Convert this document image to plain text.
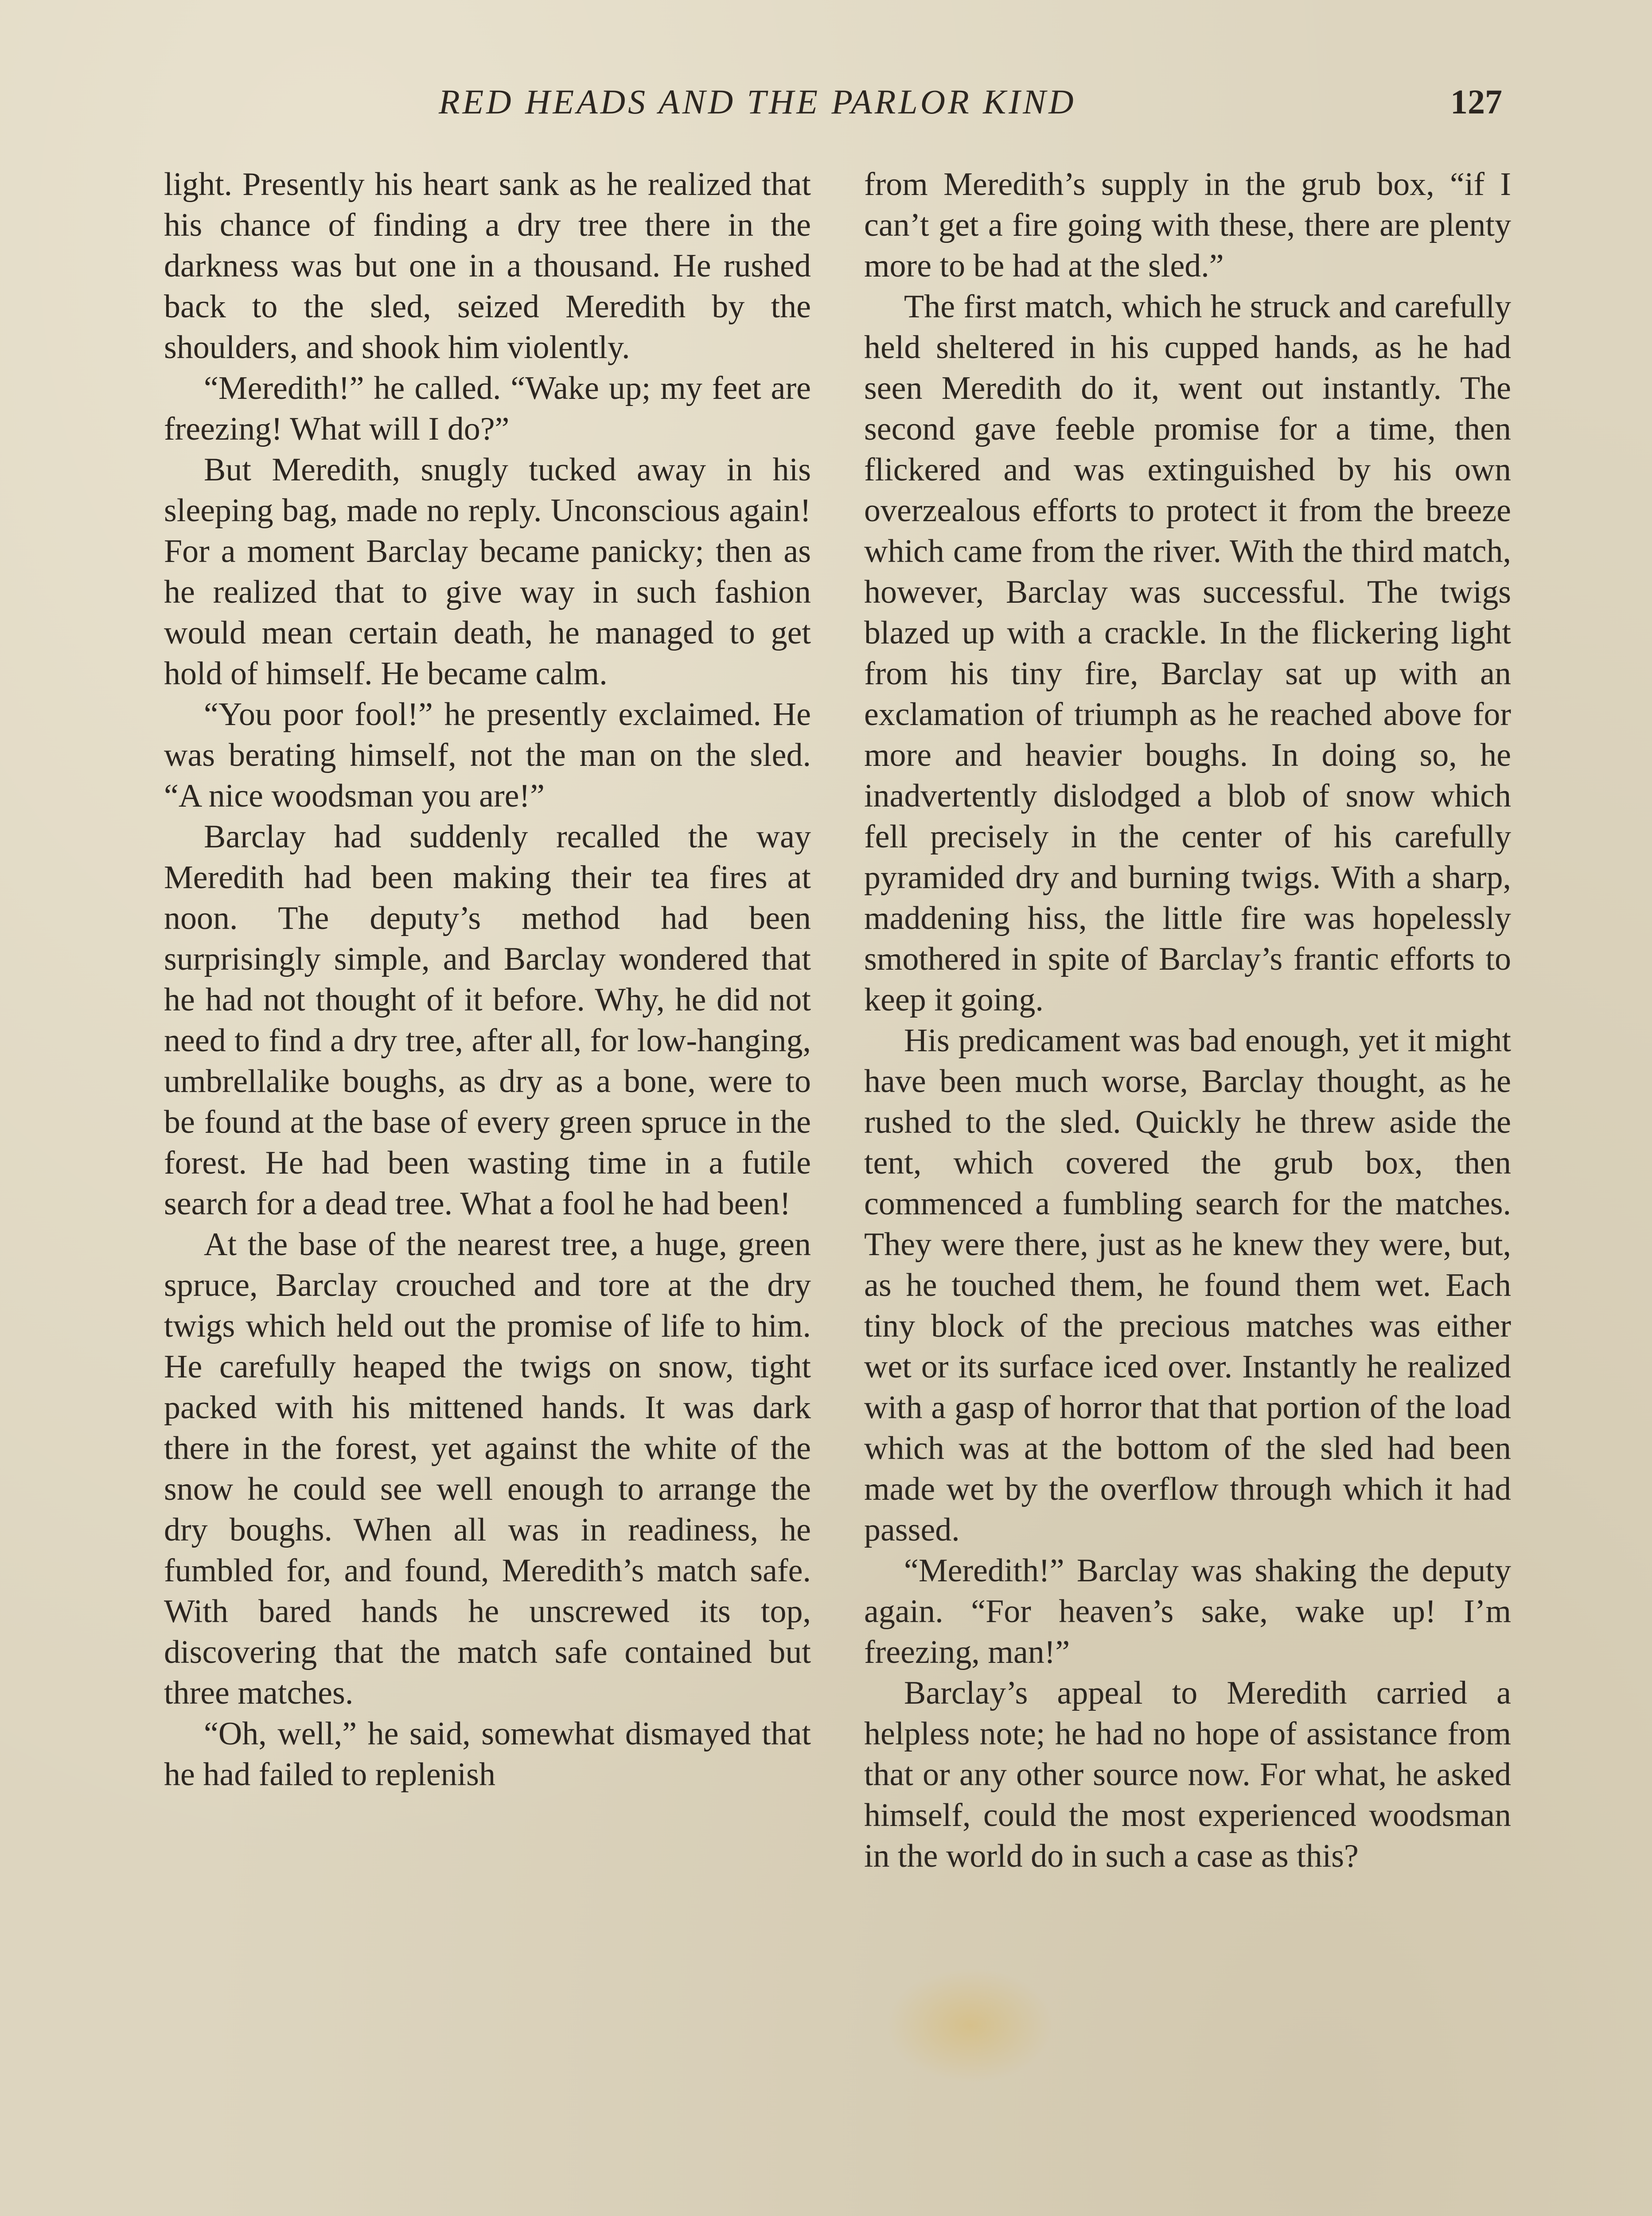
RED HEADS AND THE PARLOR KIND	127

light. Presently his heart sank as he realized that his chance of finding a dry tree there in the darkness was but one in a thousand. He rushed back to the sled, seized Meredith by the shoulders, and shook him violently.

“Meredith!” he called. “Wake up; my feet are freezing! What will I do?”

But Meredith, snugly tucked away in his sleeping bag, made no reply. Unconscious again! For a moment Barclay became panicky; then as he realized that to give way in such fashion would mean certain death, he managed to get hold of himself. He became calm.

“You poor fool!” he presently exclaimed. He was berating himself, not the man on the sled. “A nice woodsman you are!”

Barclay had suddenly recalled the way Meredith had been making their tea fires at noon. The deputy’s method had been surprisingly simple, and Barclay wondered that he had not thought of it before. Why, he did not need to find a dry tree, after all, for low-hanging, umbrellalike boughs, as dry as a bone, were to be found at the base of every green spruce in the forest. He had been wasting time in a futile search for a dead tree. What a fool he had been!

At the base of the nearest tree, a huge, green spruce, Barclay crouched and tore at the dry twigs which held out the promise of life to him. He carefully heaped the twigs on snow, tight packed with his mittened hands. It was dark there in the forest, yet against the white of the snow he could see well enough to arrange the dry boughs. When all was in readiness, he fumbled for, and found, Meredith’s match safe. With bared hands he unscrewed its top, discovering that the match safe contained but three matches.

“Oh, well,” he said, somewhat dismayed that he had failed to replenish

from Meredith’s supply in the grub box, “if I can’t get a fire going with these, there are plenty more to be had at the sled.”

The first match, which he struck and carefully held sheltered in his cupped hands, as he had seen Meredith do it, went out instantly. The second gave feeble promise for a time, then flickered and was extinguished by his own overzealous efforts to protect it from the breeze which came from the river. With the third match, however, Barclay was successful. The twigs blazed up with a crackle. In the flickering light from his tiny fire, Barclay sat up with an exclamation of triumph as he reached above for more and heavier boughs. In doing so, he inadvertently dislodged a blob of snow which fell precisely in the center of his carefully pyramided dry and burning twigs. With a sharp, maddening hiss, the little fire was hopelessly smothered in spite of Barclay’s frantic efforts to keep it going.

His predicament was bad enough, yet it might have been much worse, Barclay thought, as he rushed to the sled. Quickly he threw aside the tent, which covered the grub box, then commenced a fumbling search for the matches. They were there, just as he knew they were, but, as he touched them, he found them wet. Each tiny block of the precious matches was either wet or its surface iced over. Instantly he realized with a gasp of horror that that portion of the load which was at the bottom of the sled had been made wet by the overflow through which it had passed.

“Meredith!” Barclay was shaking the deputy again. “For heaven’s sake, wake up! I’m freezing, man!”

Barclay’s appeal to Meredith carried a helpless note; he had no hope of assistance from that or any other source now. For what, he asked himself, could the most experienced woodsman in the world do in such a case as this?
